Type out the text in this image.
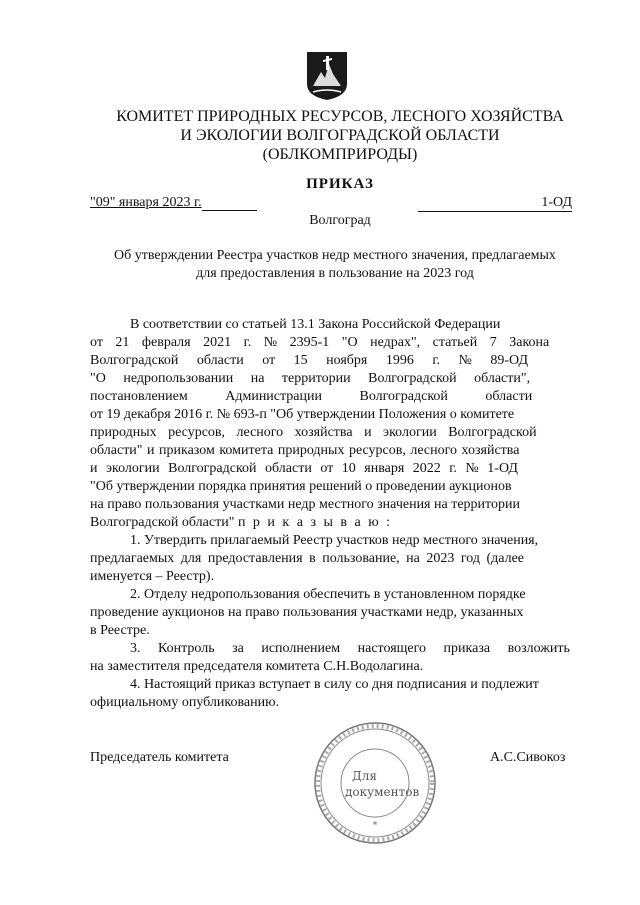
КОМИТЕТ ПРИРОДНЫХ РЕСУРСОВ, ЛЕСНОГО ХОЗЯЙСТВА
И ЭКОЛОГИИ ВОЛГОГРАДСКОЙ ОБЛАСТИ
(ОБЛКОМПРИРОДЫ)
ПРИКАЗ
"09" января 2023 г.	1-ОД
Волгоград
Об утверждении Реестра участков недр местного значения, предлагаемых
для предоставления в пользование на 2023 год
В соответствии со статьей 13.1 Закона Российской Федерации
от 21 февраля 2021 г. № 2395-1 "О недрах", статьей 7 Закона
Волгоградской области от 15 ноября 1996 г. № 89-ОД
"О недропользовании на территории Волгоградской области",
постановлением Администрации Волгоградской области
от 19 декабря 2016 г. № 693-п "Об утверждении Положения о комитете
природных ресурсов, лесного хозяйства и экологии Волгоградской
области" и приказом комитета природных ресурсов, лесного хозяйства
и экологии Волгоградской области от 10 января 2022 г. № 1-ОД
"Об утверждении порядка принятия решений о проведении аукционов
на право пользования участками недр местного значения на территории
Волгоградской области" п р и к а з ы в а ю :
1. Утвердить прилагаемый Реестр участков недр местного значения,
предлагаемых для предоставления в пользование, на 2023 год (далее
именуется – Реестр).
2. Отделу недропользования обеспечить в установленном порядке
проведение аукционов на право пользования участками недр, указанных
в Реестре.
3. Контроль за исполнением настоящего приказа возложить
на заместителя председателя комитета С.Н.Водолагина.
4. Настоящий приказ вступает в силу со дня подписания и подлежит
официальному опубликованию.
Председатель комитета	А.С.Сивокоз
Для
документов
*
